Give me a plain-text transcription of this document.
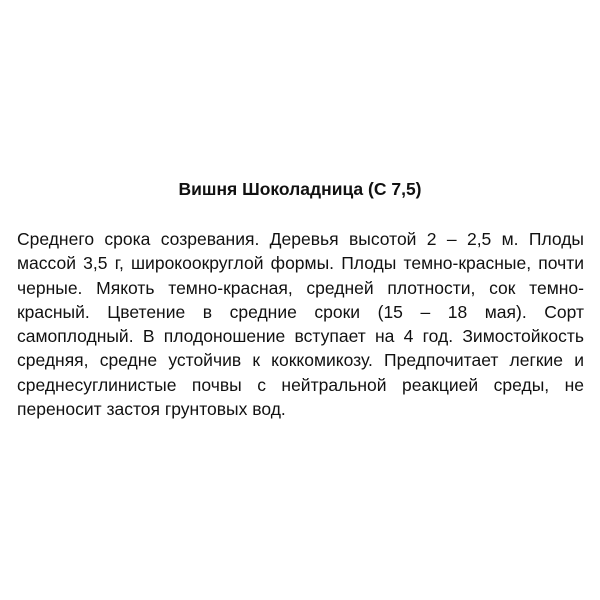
Вишня Шоколадница (С 7,5)

Среднего срока созревания. Деревья высотой 2 – 2,5 м. Плоды массой 3,5 г, широкоокруглой формы. Плоды темно-красные, почти черные. Мякоть темно-красная, средней плотности, сок темно-красный. Цветение в средние сроки (15 – 18 мая). Сорт самоплодный. В плодоношение вступает на 4 год. Зимостойкость средняя, средне устойчив к коккомикозу. Предпочитает легкие и среднесуглинистые почвы с нейтральной реакцией среды, не переносит застоя грунтовых вод.
